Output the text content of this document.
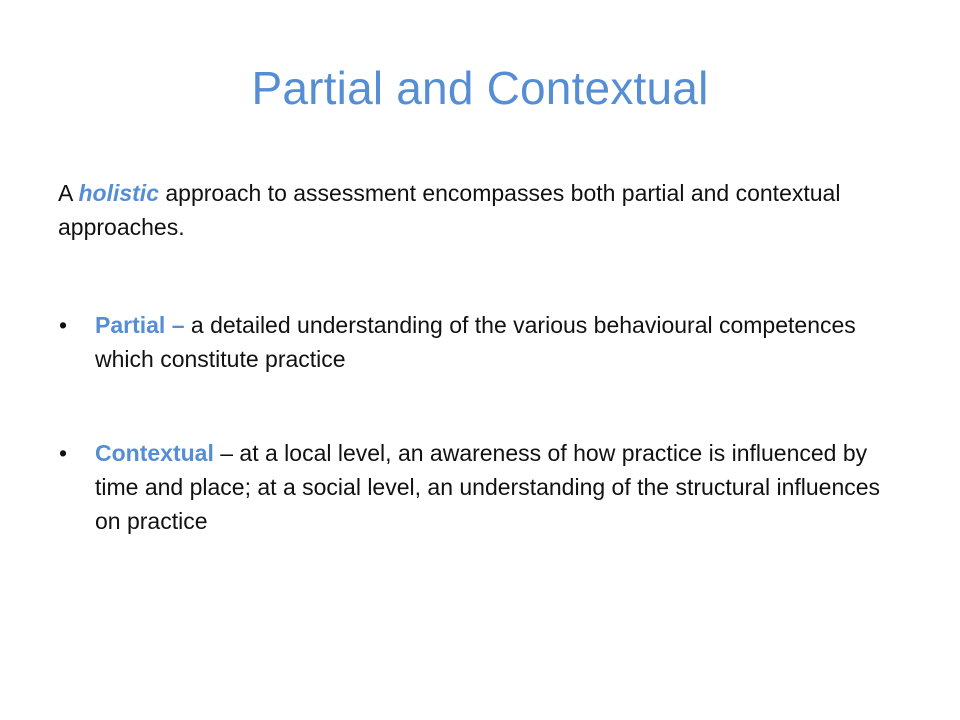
Partial and Contextual

A holistic approach to assessment encompasses both partial and contextual approaches.

•	Partial – a detailed understanding of the various behavioural competences which constitute practice
•	Contextual – at a local level, an awareness of how practice is influenced by time and place; at a social level, an understanding of the structural influences on practice
